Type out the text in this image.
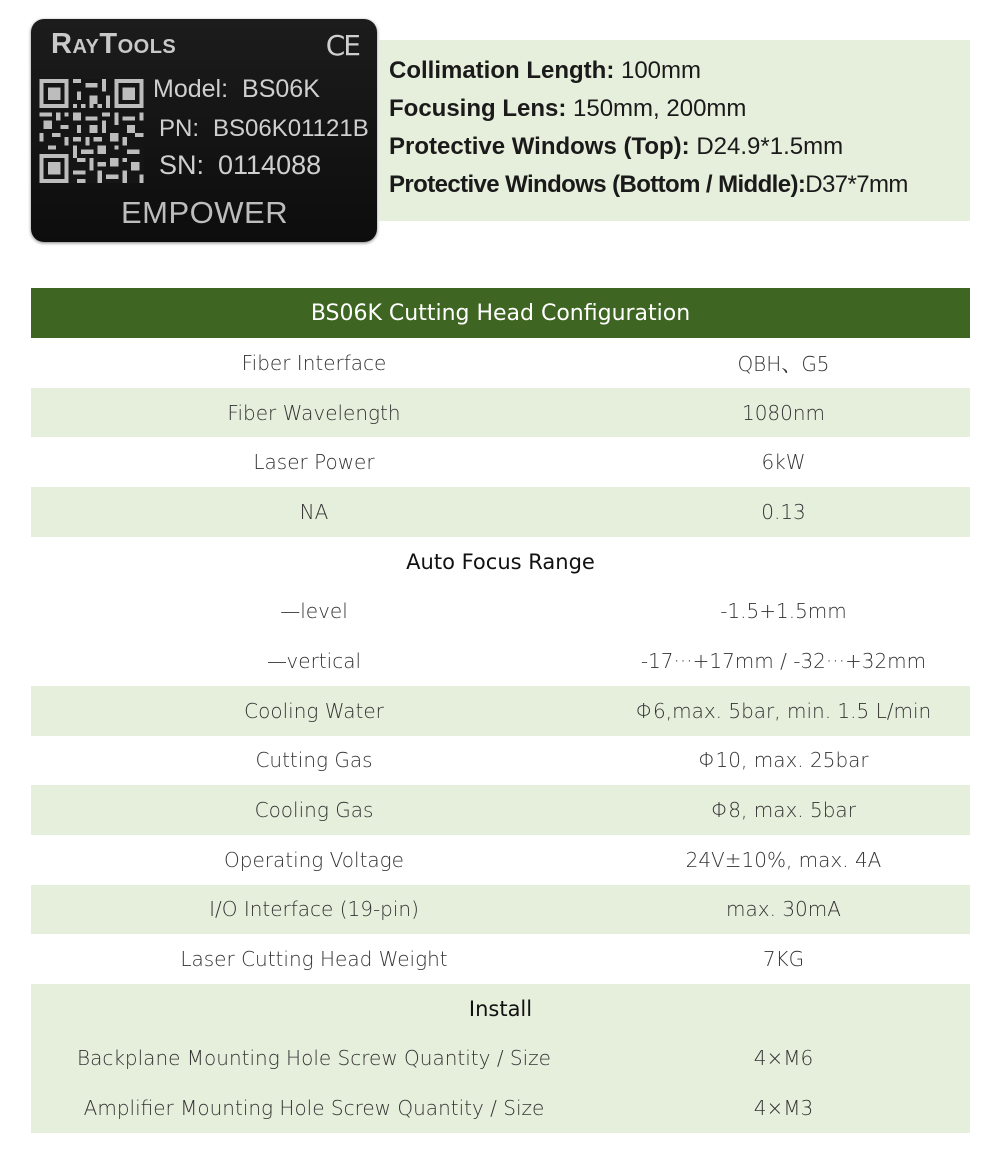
RayTools	CE
Model: BS06K
PN: BS06K01121B
SN: 0114088
EMPOWER
Collimation Length: 100mm
Focusing Lens: 150mm, 200mm
Protective Windows (Top): D24.9*1.5mm
Protective Windows (Bottom / Middle):D37*7mm
BS06K Cutting Head Configuration
Fiber Interface	QBH、G5
Fiber Wavelength	1080nm
Laser Power	6kW
NA	0.13
Auto Focus Range
—level	-1.5+1.5mm
—vertical	-17···+17mm / -32···+32mm
Cooling Water	Φ6,max. 5bar, min. 1.5 L/min
Cutting Gas	Φ10, max. 25bar
Cooling Gas	Φ8, max. 5bar
Operating Voltage	24V±10%, max. 4A
I/O Interface (19-pin)	max. 30mA
Laser Cutting Head Weight	7KG
Install
Backplane Mounting Hole Screw Quantity / Size	4×M6
Amplifier Mounting Hole Screw Quantity / Size	4×M3
